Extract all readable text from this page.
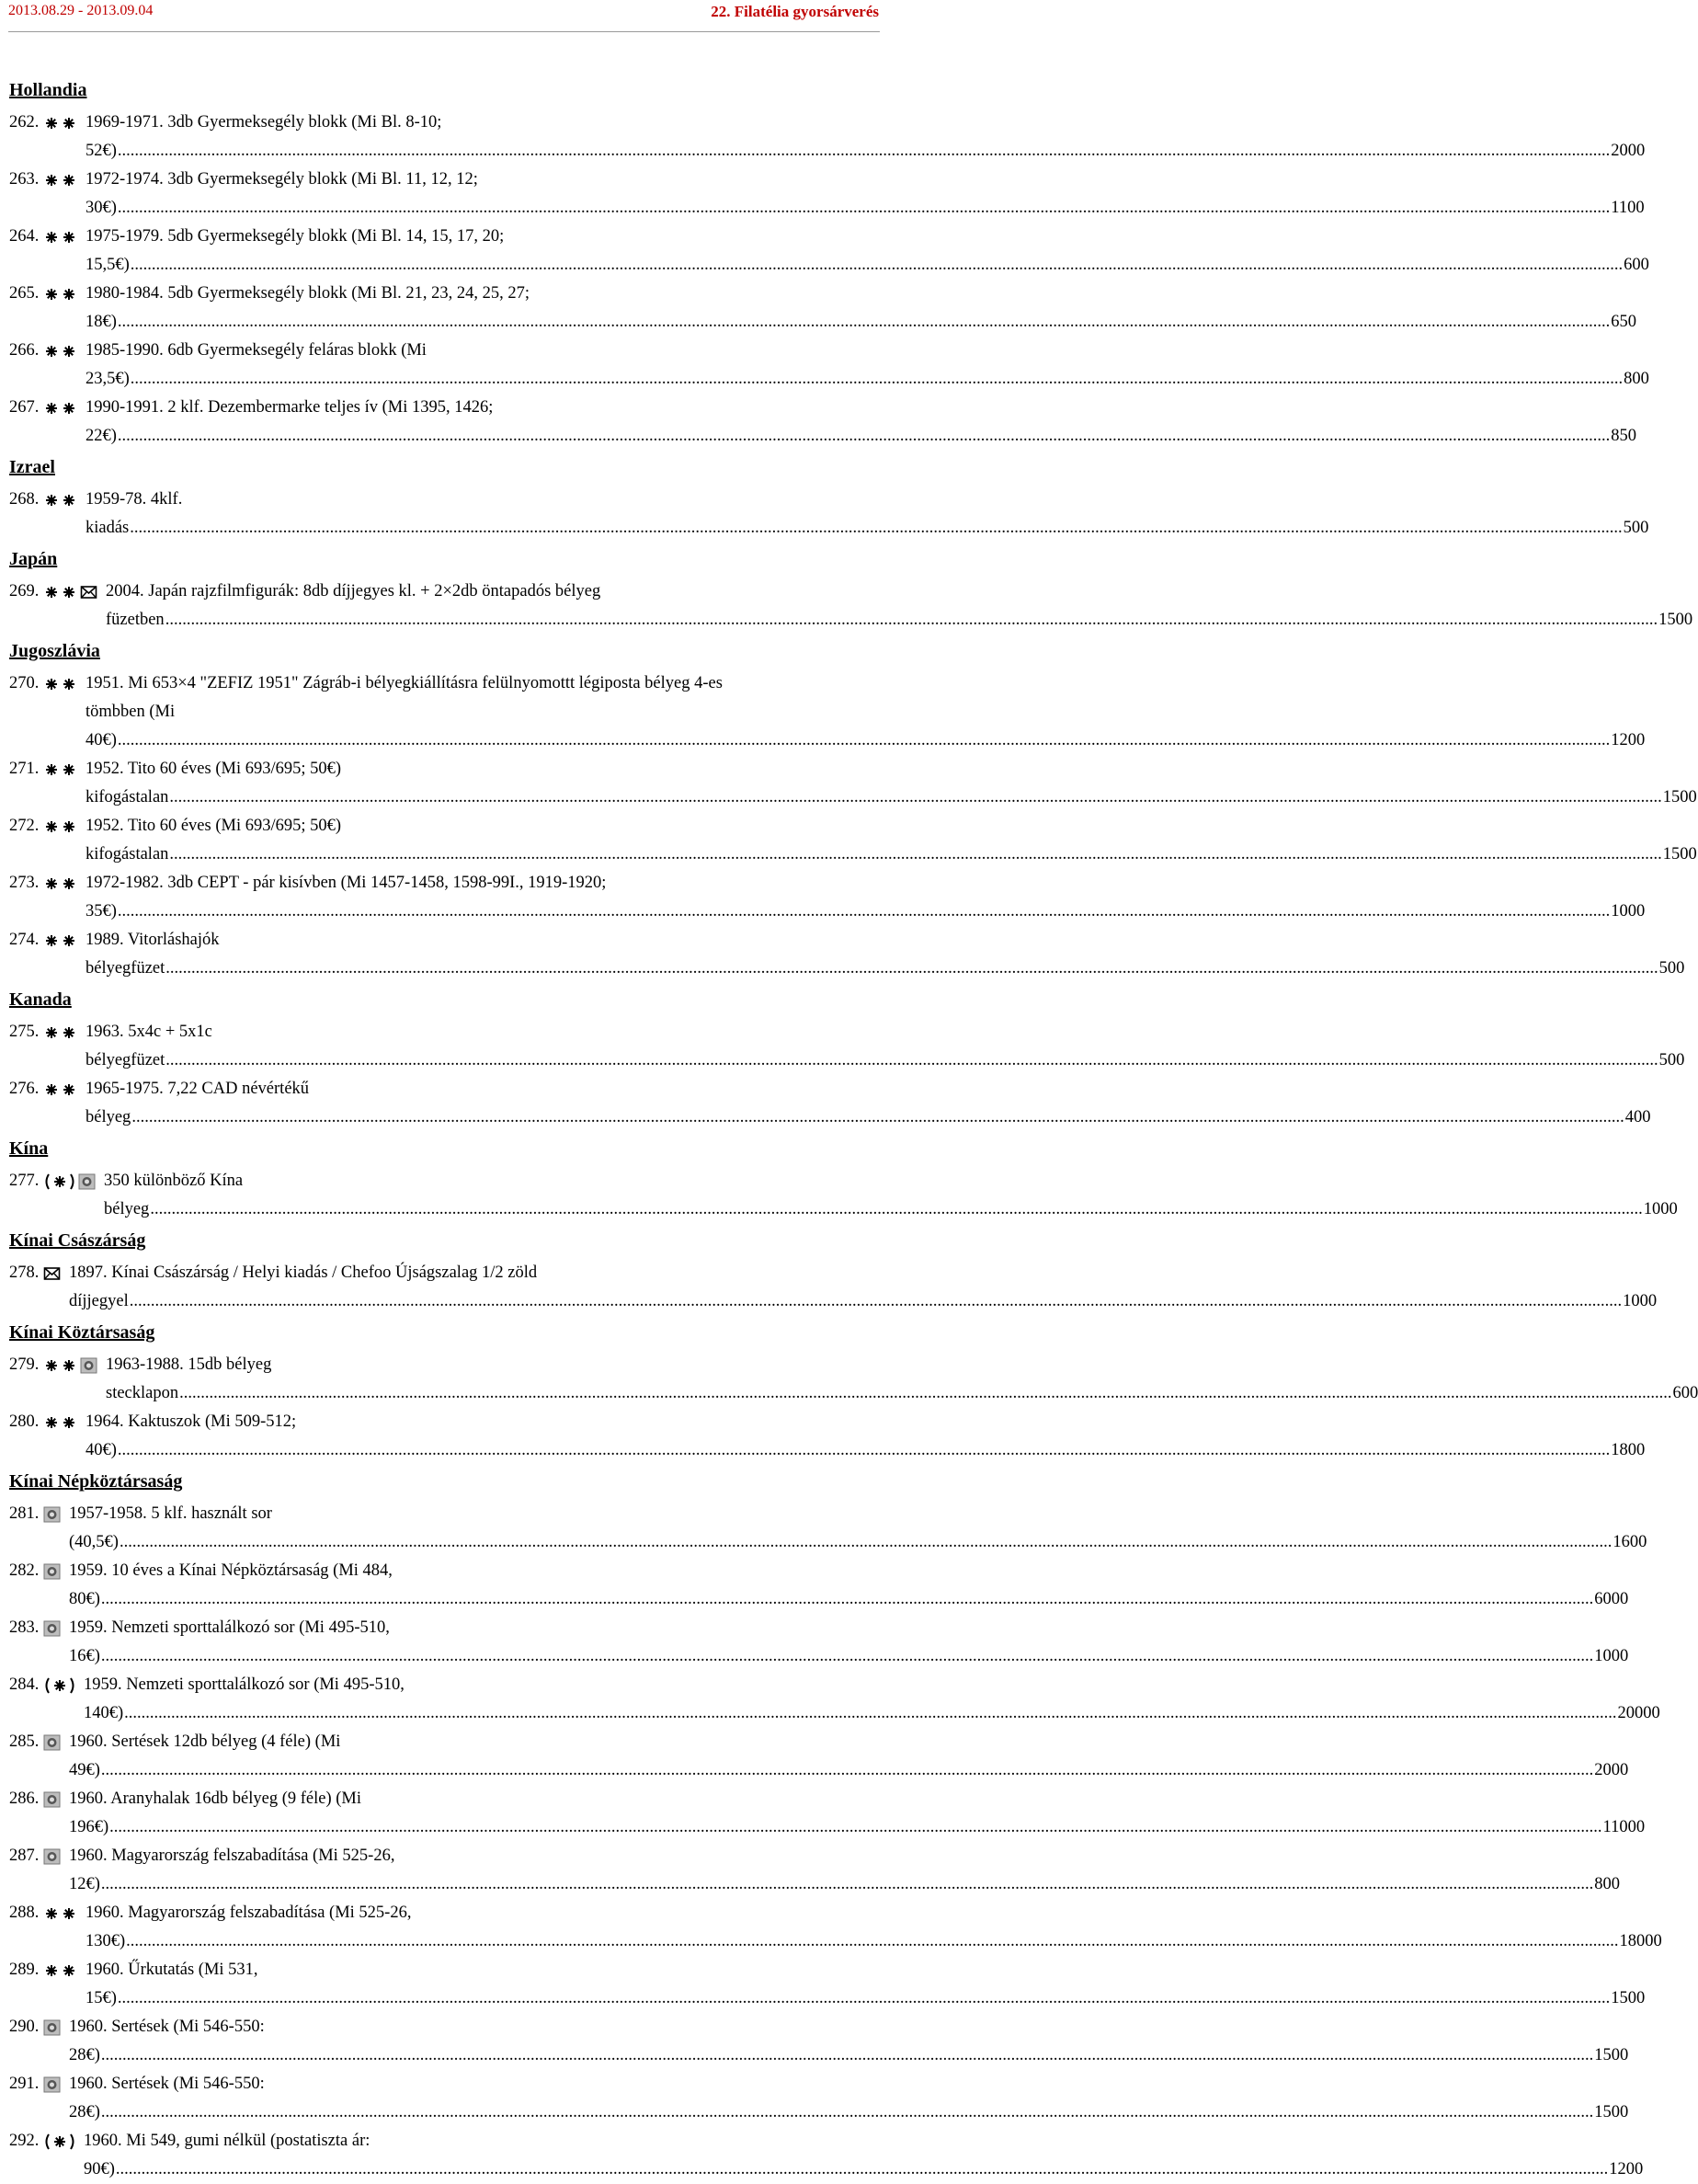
2013.08.29 - 2013.09.04	22. Filatélia gyorsárverés
Hollandia
262.	1969-1971. 3db Gyermeksegély blokk (Mi Bl. 8-10; 52€) .....	2000
263.	1972-1974. 3db Gyermeksegély blokk (Mi Bl. 11, 12, 12; 30€) .....	1100
264.	1975-1979. 5db Gyermeksegély blokk (Mi Bl. 14, 15, 17, 20; 15,5€) .....	600
265.	1980-1984. 5db Gyermeksegély blokk (Mi Bl. 21, 23, 24, 25, 27; 18€) .....	650
266.	1985-1990. 6db Gyermeksegély feláras blokk (Mi 23,5€) .....	800
267.	1990-1991. 2 klf. Dezembermarke teljes ív (Mi 1395, 1426; 22€) .....	850
Izrael
268.	1959-78. 4klf. kiadás .....	500
Japán
269.	2004. Japán rajzfilmfigurák: 8db díjjegyes kl. + 2×2db öntapadós bélyeg füzetben .....	1500
Jugoszlávia
270.	1951. Mi 653×4 "ZEFIZ 1951" Zágráb-i bélyegkiállításra felülnyomottt légiposta bélyeg 4-es
tömbben (Mi 40€) .....	1200
271.	1952. Tito 60 éves (Mi 693/695; 50€) kifogástalan .....	1500
272.	1952. Tito 60 éves (Mi 693/695; 50€) kifogástalan .....	1500
273.	1972-1982. 3db CEPT - pár kisívben (Mi 1457-1458, 1598-99I., 1919-1920; 35€) .....	1000
274.	1989. Vitorláshajók bélyegfüzet .....	500
Kanada
275.	1963. 5x4c + 5x1c bélyegfüzet .....	500
276.	1965-1975. 7,22 CAD névértékű bélyeg .....	400
Kína
277.	350 különböző Kína bélyeg .....	1000
Kínai Császárság
278. 1897. Kínai Császárság / Helyi kiadás / Chefoo Újságszalag 1/2 zöld díjjegyel .....	1000
Kínai Köztársaság
279.	1963-1988. 15db bélyeg stecklapon .....	600
280.	1964. Kaktuszok (Mi 509-512; 40€) .....	1800
Kínai Népköztársaság
281. 1957-1958. 5 klf. használt sor (40,5€) .....	1600
282. 1959. 10 éves a Kínai Népköztársaság (Mi 484, 80€) .....	6000
283. 1959. Nemzeti sporttalálkozó sor (Mi 495-510, 16€) .....	1000
284.	1959. Nemzeti sporttalálkozó sor (Mi 495-510, 140€) .....	20000
285. 1960. Sertések 12db bélyeg (4 féle) (Mi 49€) .....	2000
286. 1960. Aranyhalak 16db bélyeg (9 féle) (Mi 196€) .....	11000
287. 1960. Magyarország felszabadítása (Mi 525-26, 12€) .....	800
288.	1960. Magyarország felszabadítása (Mi 525-26, 130€) .....	18000
289.	1960. Űrkutatás (Mi 531, 15€) .....	1500
290. 1960. Sertések (Mi 546-550: 28€) .....	1500
291. 1960. Sertések (Mi 546-550: 28€) .....	1500
292.	1960. Mi 549, gumi nélkül (postatiszta ár: 90€) .....	1200
